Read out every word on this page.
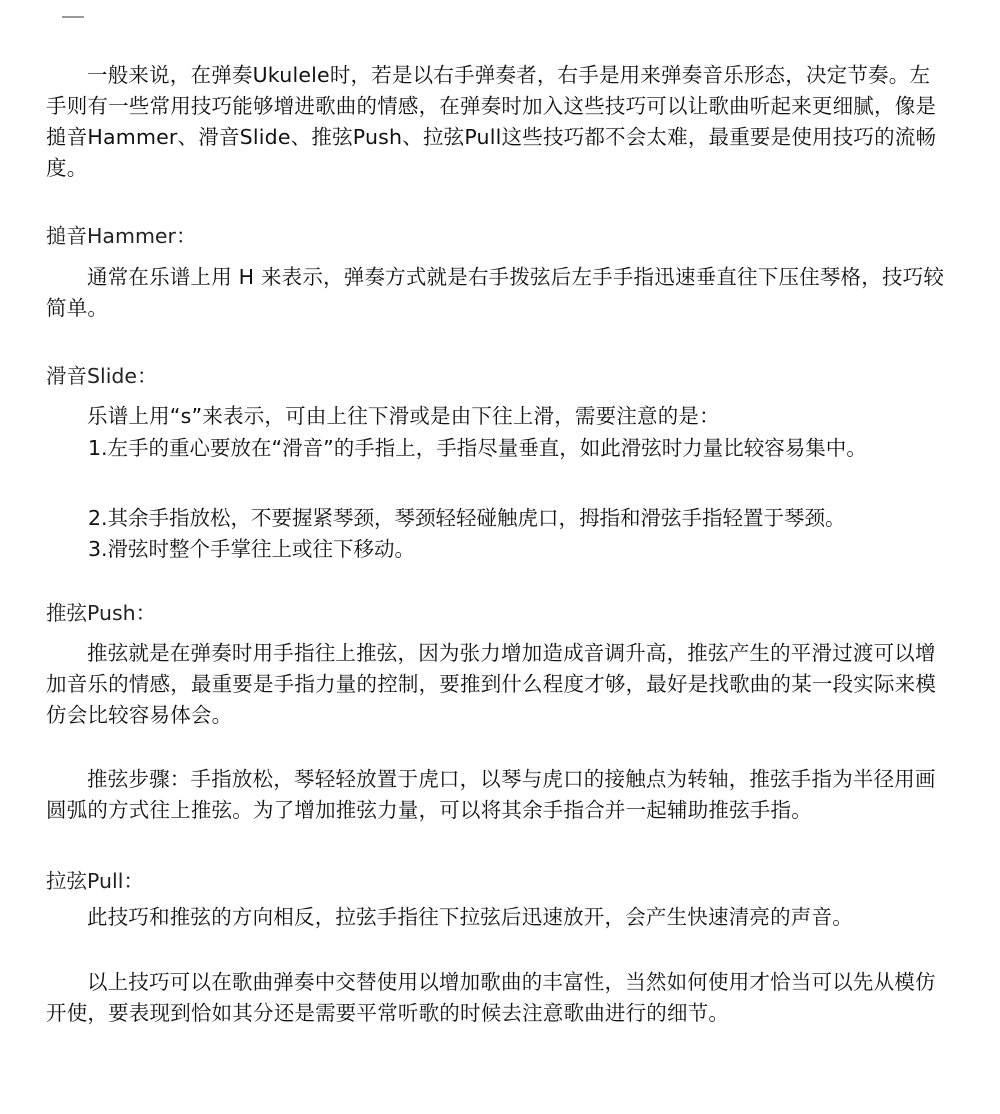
一般来说，在弹奏Ukulele时，若是以右手弹奏者，右手是用来弹奏音乐形态，决定节奏。左手则有一些常用技巧能够增进歌曲的情感，在弹奏时加入这些技巧可以让歌曲听起来更细腻，像是搥音Hammer、滑音Slide、推弦Push、拉弦Pull这些技巧都不会太难，最重要是使用技巧的流畅度。

搥音Hammer：

通常在乐谱上用 H 来表示，弹奏方式就是右手拨弦后左手手指迅速垂直往下压住琴格，技巧较简单。

滑音Slide：

乐谱上用“s”来表示，可由上往下滑或是由下往上滑，需要注意的是：

1.左手的重心要放在“滑音”的手指上，手指尽量垂直，如此滑弦时力量比较容易集中。

2.其余手指放松，不要握紧琴颈，琴颈轻轻碰触虎口，拇指和滑弦手指轻置于琴颈。

3.滑弦时整个手掌往上或往下移动。

推弦Push：

推弦就是在弹奏时用手指往上推弦，因为张力增加造成音调升高，推弦产生的平滑过渡可以增加音乐的情感，最重要是手指力量的控制，要推到什么程度才够，最好是找歌曲的某一段实际来模仿会比较容易体会。

推弦步骤：手指放松，琴轻轻放置于虎口，以琴与虎口的接触点为转轴，推弦手指为半径用画圆弧的方式往上推弦。为了增加推弦力量，可以将其余手指合并一起辅助推弦手指。

拉弦Pull：

此技巧和推弦的方向相反，拉弦手指往下拉弦后迅速放开，会产生快速清亮的声音。

以上技巧可以在歌曲弹奏中交替使用以增加歌曲的丰富性，当然如何使用才恰当可以先从模仿开使，要表现到恰如其分还是需要平常听歌的时候去注意歌曲进行的细节。
